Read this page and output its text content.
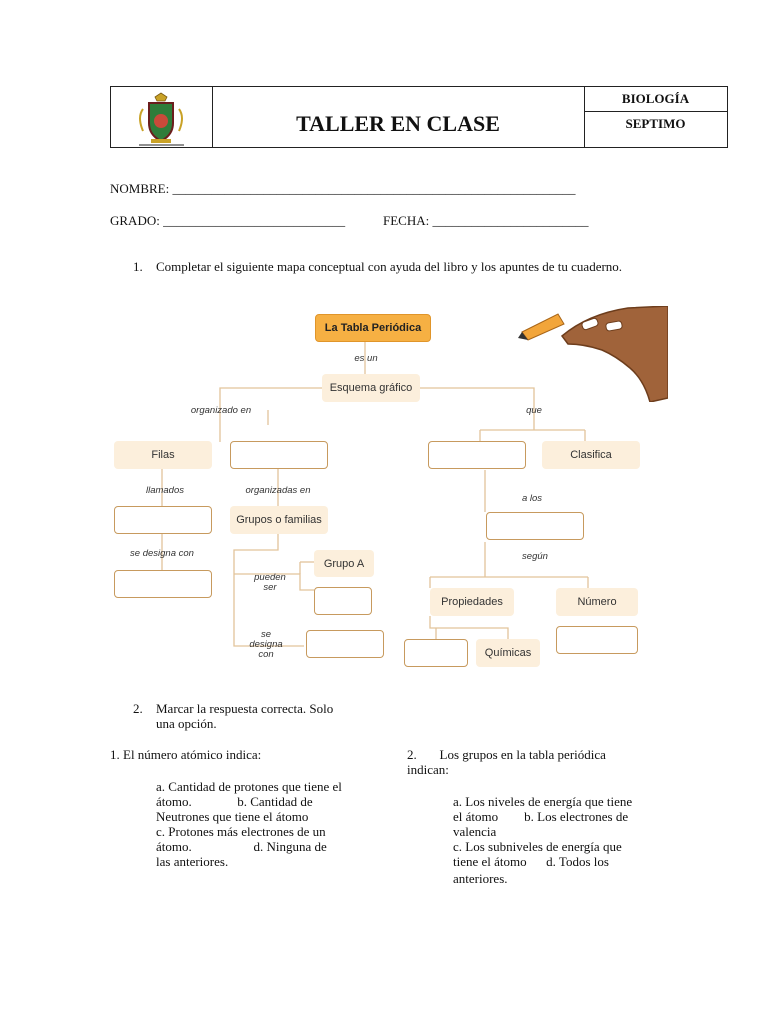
TALLER EN CLASE
BIOLOGÍA
SEPTIMO
NOMBRE: ______________________________________________________________
GRADO: ____________________________	FECHA: ________________________
1. Completar el siguiente mapa conceptual con ayuda del libro y los apuntes de tu cuaderno.
La Tabla Periódica
es un
Esquema gráfico
organizado en	que
Filas	Clasifica
llamados	organizadas en
a los
Grupos o familias
se designa con	según
Grupo A
pueden
ser
Propiedades	Número
se
designa
con	Químicas
2. Marcar la respuesta correcta. Solo
una opción.
1. El número atómico indica:
a. Cantidad de protones que tiene el
átomo.              b. Cantidad de
Neutrones que tiene el átomo
c. Protones más electrones de un
átomo.                   d. Ninguna de
las anteriores.
2.       Los grupos en la tabla periódica
indican:
a. Los niveles de energía que tiene
el átomo        b. Los electrones de
valencia
c. Los subniveles de energía que
tiene el átomo      d. Todos los
anteriores.
